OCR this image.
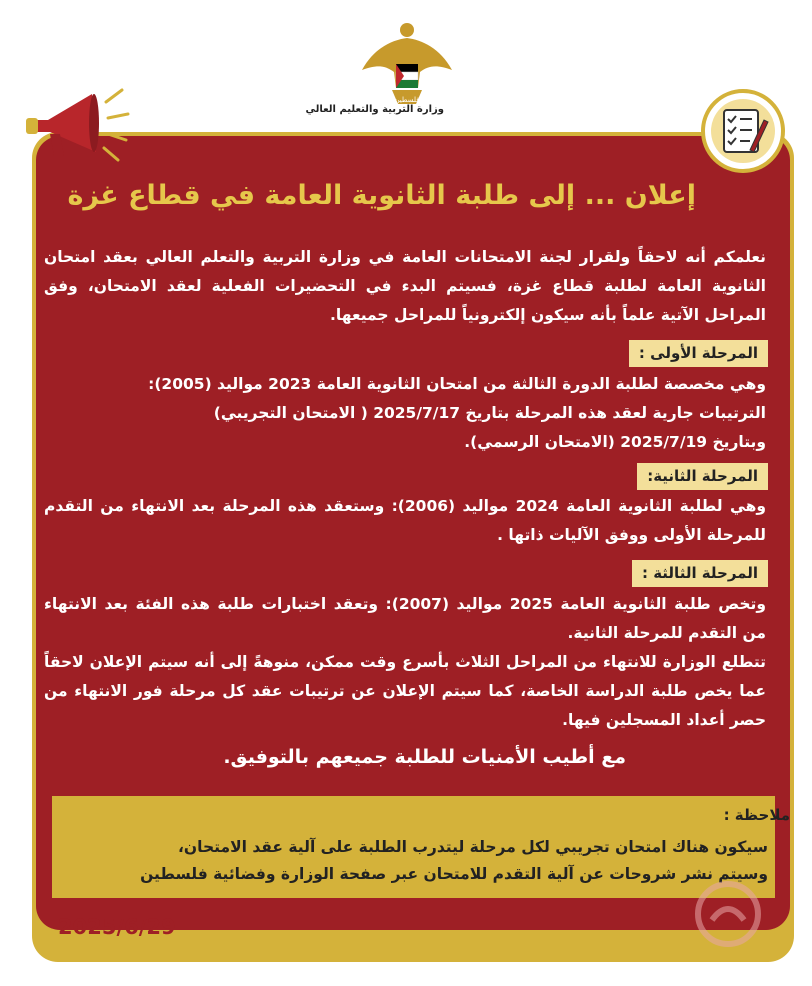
فلسطين
وزارة التربية والتعليم العالي
إعلان ... إلى طلبة الثانوية العامة في قطاع غزة

نعلمكم أنه لاحقاً ولقرار لجنة الامتحانات العامة في وزارة التربية والتعلم العالي بعقد امتحان الثانوية العامة لطلبة قطاع غزة، فسيتم البدء في التحضيرات الفعلية لعقد الامتحان، وفق المراحل الآتية علماً بأنه سيكون إلكترونياً للمراحل جميعها.

المرحلة الأولى :

وهي مخصصة لطلبة الدورة الثالثة من امتحان الثانوية العامة 2023 مواليد (2005):

الترتيبات جارية لعقد هذه المرحلة بتاريخ 2025/7/17 ( الامتحان التجريبي)

وبتاريخ 2025/7/19 (الامتحان الرسمي).

المرحلة الثانية:

وهي لطلبة الثانوية العامة 2024 مواليد (2006): وستعقد هذه المرحلة بعد الانتهاء من التقدم للمرحلة الأولى ووفق الآليات ذاتها .

المرحلة الثالثة :

وتخص طلبة الثانوية العامة 2025 مواليد (2007): وتعقد اختبارات طلبة هذه الفئة بعد الانتهاء من التقدم للمرحلة الثانية.

تتطلع الوزارة للانتهاء من المراحل الثلاث بأسرع وقت ممكن، منوهةً إلى أنه سيتم الإعلان لاحقاً عما يخص طلبة الدراسة الخاصة، كما سيتم الإعلان عن ترتيبات عقد كل مرحلة فور الانتهاء من حصر أعداد المسجلين فيها.

مع أطيب الأمنيات للطلبة جميعهم بالتوفيق.

ملاحظة :

سيكون هناك امتحان تجريبي لكل مرحلة ليتدرب الطلبة على آلية عقد الامتحان،

وسيتم نشر شروحات عن آلية التقدم للامتحان عبر صفحة الوزارة وفضائية فلسطين

2025/6/29
